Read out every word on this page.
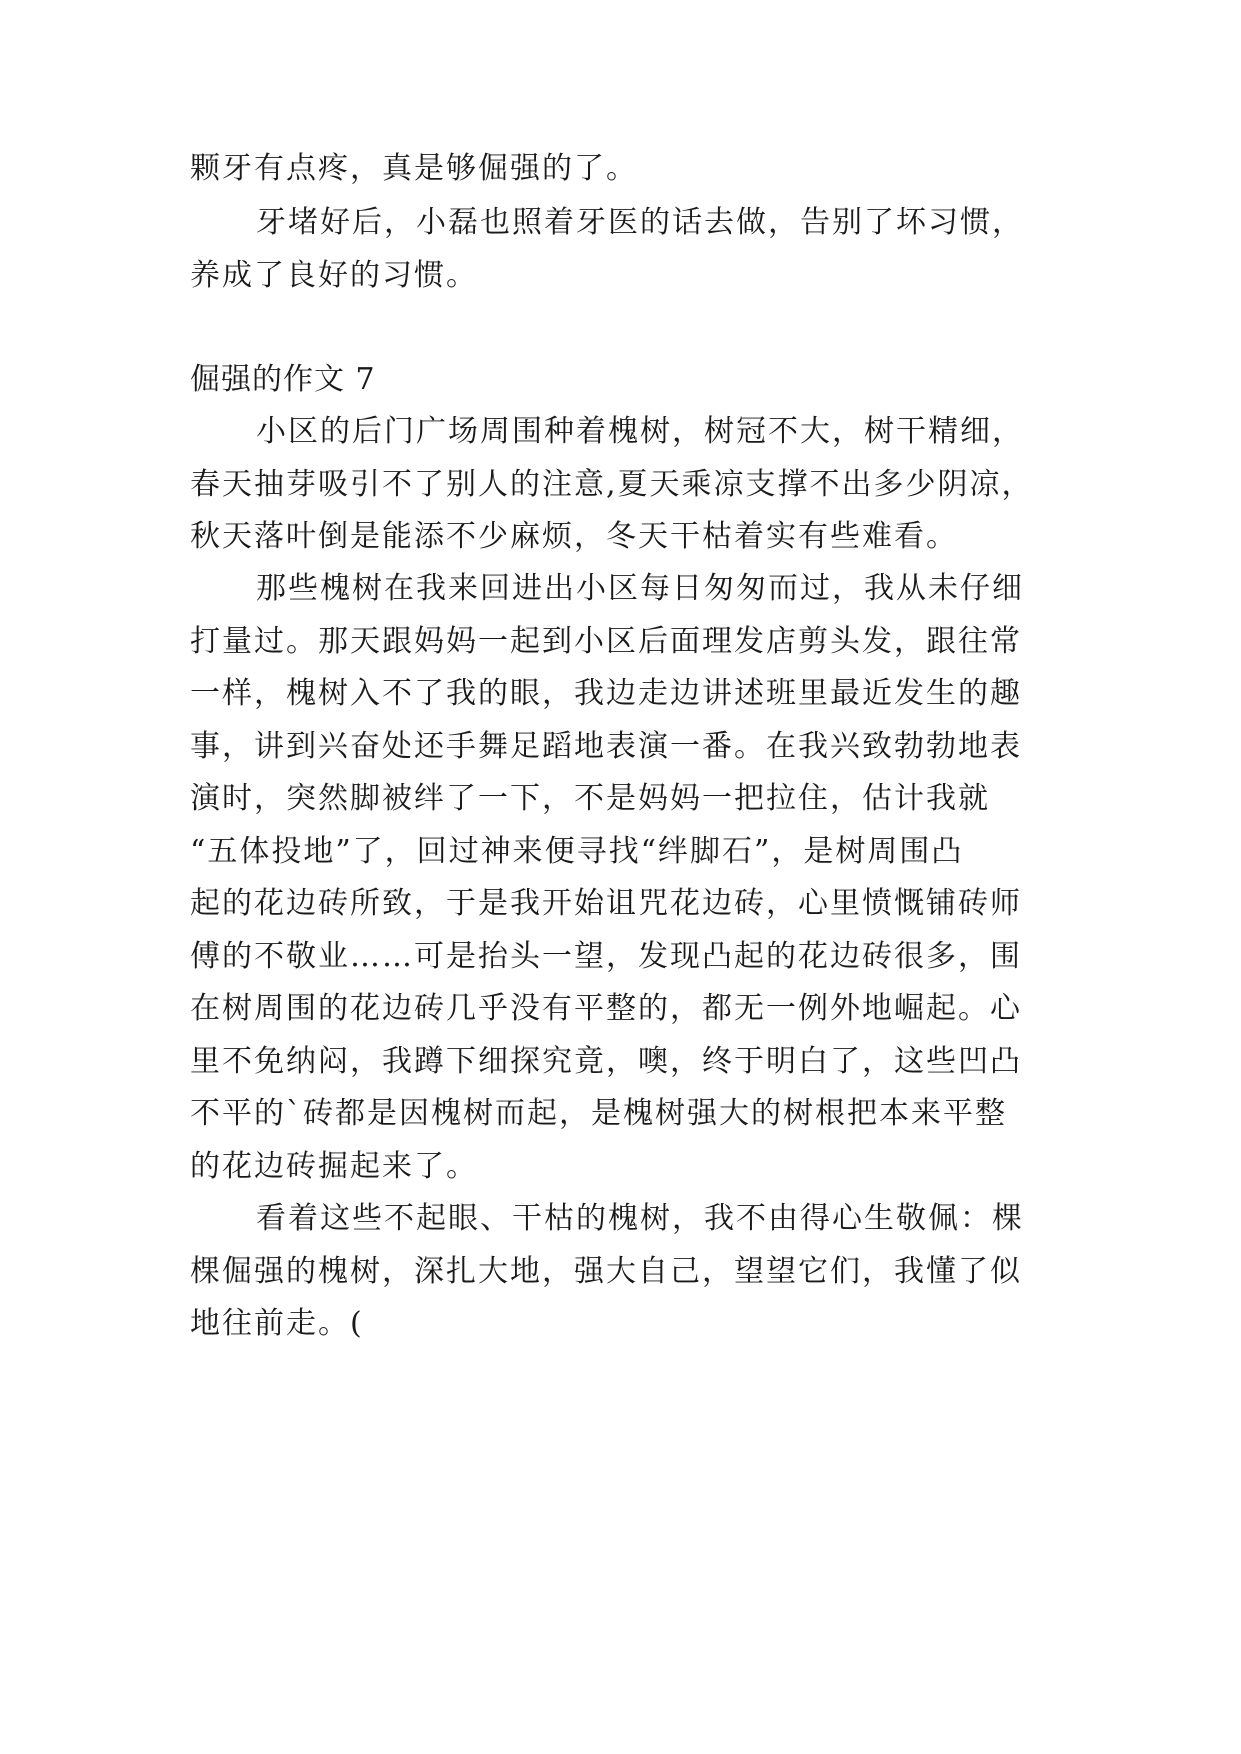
颗牙有点疼，真是够倔强的了。
牙堵好后，小磊也照着牙医的话去做，告别了坏习惯，
养成了良好的习惯。
倔强的作文 7
小区的后门广场周围种着槐树，树冠不大，树干精细，
春天抽芽吸引不了别人的注意,夏天乘凉支撑不出多少阴凉，
秋天落叶倒是能添不少麻烦，冬天干枯着实有些难看。
那些槐树在我来回进出小区每日匆匆而过，我从未仔细
打量过。那天跟妈妈一起到小区后面理发店剪头发，跟往常
一样，槐树入不了我的眼，我边走边讲述班里最近发生的趣
事，讲到兴奋处还手舞足蹈地表演一番。在我兴致勃勃地表
演时，突然脚被绊了一下，不是妈妈一把拉住，估计我就
“五体投地”了，回过神来便寻找“绊脚石”，是树周围凸
起的花边砖所致，于是我开始诅咒花边砖，心里愤慨铺砖师
傅的不敬业……可是抬头一望，发现凸起的花边砖很多，围
在树周围的花边砖几乎没有平整的，都无一例外地崛起。心
里不免纳闷，我蹲下细探究竟，噢，终于明白了，这些凹凸
不平的`砖都是因槐树而起，是槐树强大的树根把本来平整
的花边砖掘起来了。
看着这些不起眼、干枯的槐树，我不由得心生敬佩：棵
棵倔强的槐树，深扎大地，强大自己，望望它们，我懂了似
地往前走。(
